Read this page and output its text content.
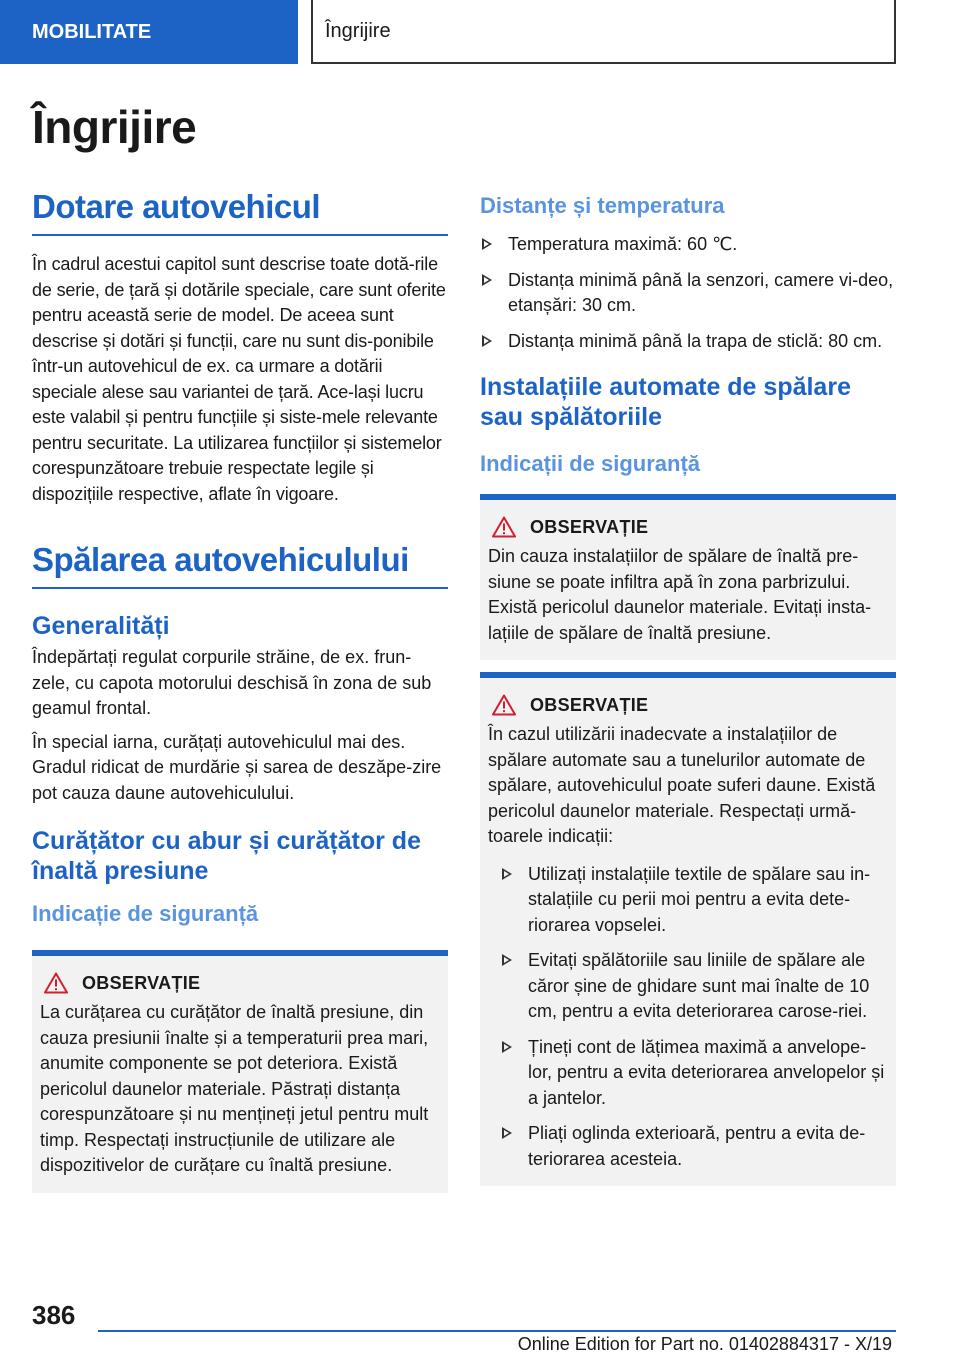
MOBILITATE	Îngrijire
Îngrijire
Dotare autovehicul

În cadrul acestui capitol sunt descrise toate dotă-rile de serie, de țară și dotările speciale, care sunt oferite pentru această serie de model. De aceea sunt descrise și dotări și funcții, care nu sunt dis-ponibile într-un autovehicul de ex. ca urmare a dotării speciale alese sau variantei de țară. Ace-lași lucru este valabil și pentru funcțiile și siste-mele relevante pentru securitate. La utilizarea funcțiilor și sistemelor corespunzătoare trebuie respectate legile și dispozițiile respective, aflate în vigoare.

Spălarea autovehiculului
Generalități

Îndepărtați regulat corpurile străine, de ex. frun-zele, cu capota motorului deschisă în zona de sub geamul frontal.

În special iarna, curățați autovehiculul mai des. Gradul ridicat de murdărie și sarea de deszăpe-zire pot cauza daune autovehiculului.

Curățător cu abur și curățător de înaltă presiune
Indicație de siguranță
OBSERVAȚIE

La curățarea cu curățător de înaltă presiune, din cauza presiunii înalte și a temperaturii prea mari, anumite componente se pot deteriora. Există pericolul daunelor materiale. Păstrați distanța corespunzătoare și nu mențineți jetul pentru mult timp. Respectați instrucțiunile de utilizare ale dispozitivelor de curățare cu înaltă presiune.

Distanțe și temperatura
Temperatura maximă: 60 ℃.
Distanța minimă până la senzori, camere vi-deo, etanșări: 30 cm.
Distanța minimă până la trapa de sticlă: 80 cm.
Instalațiile automate de spălare sau spălătoriile
Indicații de siguranță
OBSERVAȚIE

Din cauza instalațiilor de spălare de înaltă pre-siune se poate infiltra apă în zona parbrizului. Există pericolul daunelor materiale. Evitați insta-lațiile de spălare de înaltă presiune.

OBSERVAȚIE

În cazul utilizării inadecvate a instalațiilor de spălare automate sau a tunelurilor automate de spălare, autovehiculul poate suferi daune. Există pericolul daunelor materiale. Respectați urmă-toarele indicații:

Utilizați instalațiile textile de spălare sau in-stalațiile cu perii moi pentru a evita dete-riorarea vopselei.
Evitați spălătoriile sau liniile de spălare ale căror șine de ghidare sunt mai înalte de 10 cm, pentru a evita deteriorarea carose-riei.
Țineți cont de lățimea maximă a anvelope-lor, pentru a evita deteriorarea anvelopelor și a jantelor.
Pliați oglinda exterioară, pentru a evita de-teriorarea acesteia.
386
Online Edition for Part no. 01402884317 - X/19
